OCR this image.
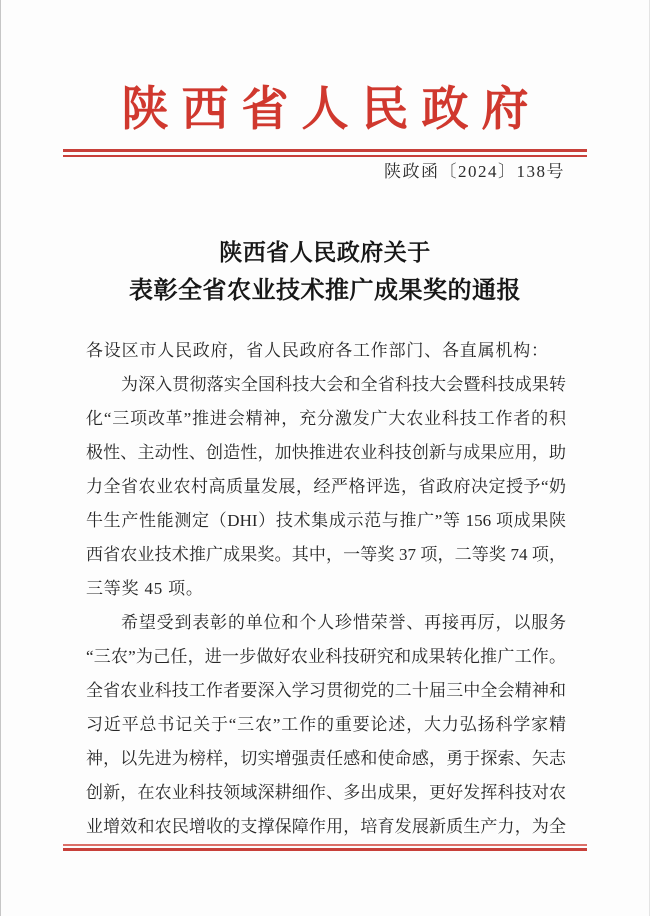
陕西省人民政府
陕政函〔2024〕138号
陕西省人民政府关于
表彰全省农业技术推广成果奖的通报
各设区市人民政府，省人民政府各工作部门、各直属机构：
为深入贯彻落实全国科技大会和全省科技大会暨科技成果转
化“三项改革”推进会精神，充分激发广大农业科技工作者的积
极性、主动性、创造性，加快推进农业科技创新与成果应用，助
力全省农业农村高质量发展，经严格评选，省政府决定授予“奶
牛生产性能测定（DHI）技术集成示范与推广”等 156 项成果陕
西省农业技术推广成果奖。其中，一等奖 37 项，二等奖 74 项，
三等奖 45 项。
希望受到表彰的单位和个人珍惜荣誉、再接再厉，以服务
“三农”为己任，进一步做好农业科技研究和成果转化推广工作。
全省农业科技工作者要深入学习贯彻党的二十届三中全会精神和
习近平总书记关于“三农”工作的重要论述，大力弘扬科学家精
神，以先进为榜样，切实增强责任感和使命感，勇于探索、矢志
创新，在农业科技领域深耕细作、多出成果，更好发挥科技对农
业增效和农民增收的支撑保障作用，培育发展新质生产力，为全
